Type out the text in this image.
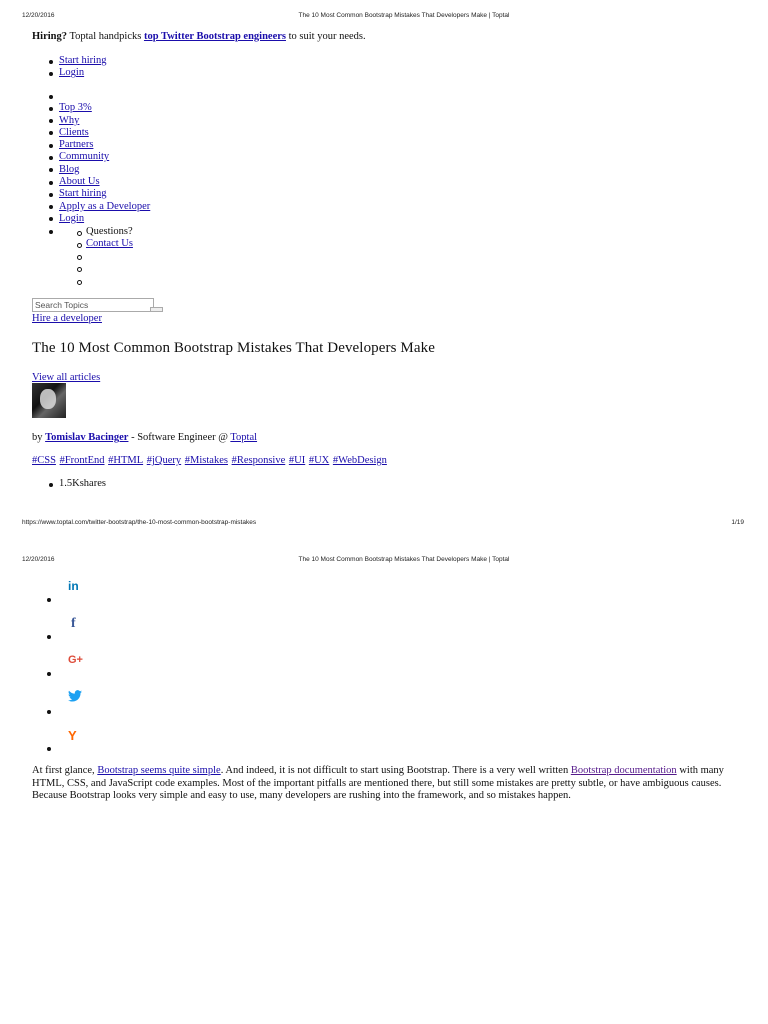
12/20/2016	The 10 Most Common Bootstrap Mistakes That Developers Make | Toptal
Hiring? Toptal handpicks top Twitter Bootstrap engineers to suit your needs.
Start hiring
Login
Top 3%
Why
Clients
Partners
Community
Blog
About Us
Start hiring
Apply as a Developer
Login
Questions?
Contact Us
Search Topics
Hire a developer
The 10 Most Common Bootstrap Mistakes That Developers Make
View all articles
by Tomislav Bacinger - Software Engineer @ Toptal
#CSS #FrontEnd #HTML #jQuery #Mistakes #Responsive #UI #UX #WebDesign
1.5Kshares
https://www.toptal.com/twitter-bootstrap/the-10-most-common-bootstrap-mistakes	1/19
12/20/2016	The 10 Most Common Bootstrap Mistakes That Developers Make | Toptal
in
f
G+
Y

At first glance, Bootstrap seems quite simple. And indeed, it is not difficult to start using Bootstrap. There is a very well written Bootstrap documentation with many HTML, CSS, and JavaScript code examples. Most of the important pitfalls are mentioned there, but still some mistakes are pretty subtle, or have ambiguous causes. Because Bootstrap looks very simple and easy to use, many developers are rushing into the framework, and so mistakes happen.
